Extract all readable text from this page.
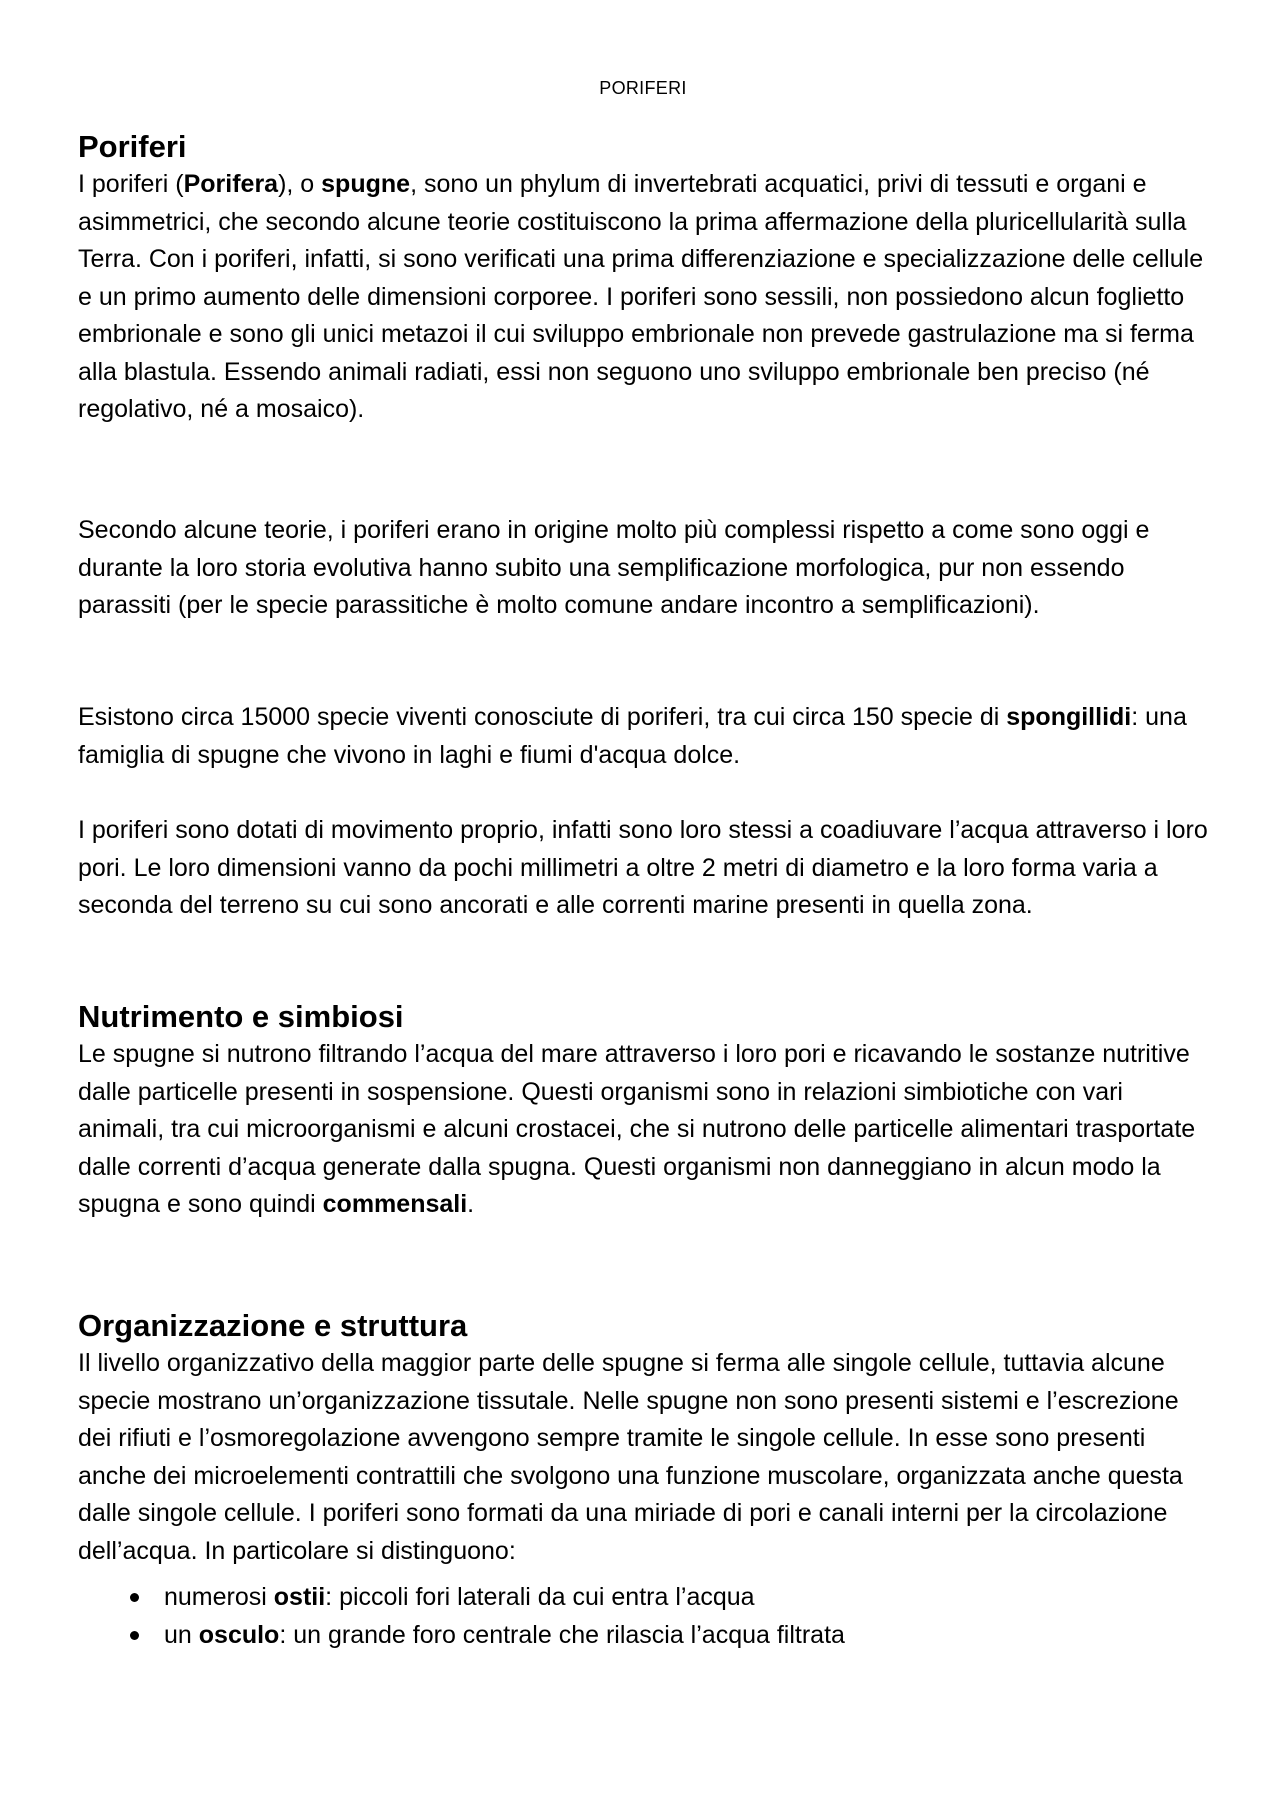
PORIFERI
Poriferi

I poriferi (Porifera), o spugne, sono un phylum di invertebrati acquatici, privi di tessuti e organi e asimmetrici, che secondo alcune teorie costituiscono la prima affermazione della pluricellularità sulla Terra. Con i poriferi, infatti, si sono verificati una prima differenziazione e specializzazione delle cellule e un primo aumento delle dimensioni corporee. I poriferi sono sessili, non possiedono alcun foglietto embrionale e sono gli unici metazoi il cui sviluppo embrionale non prevede gastrulazione ma si ferma alla blastula. Essendo animali radiati, essi non seguono uno sviluppo embrionale ben preciso (né regolativo, né a mosaico).

Secondo alcune teorie, i poriferi erano in origine molto più complessi rispetto a come sono oggi e durante la loro storia evolutiva hanno subito una semplificazione morfologica, pur non essendo parassiti (per le specie parassitiche è molto comune andare incontro a semplificazioni).

Esistono circa 15000 specie viventi conosciute di poriferi, tra cui circa 150 specie di spongillidi: una famiglia di spugne che vivono in laghi e fiumi d'acqua dolce.

I poriferi sono dotati di movimento proprio, infatti sono loro stessi a coadiuvare l’acqua attraverso i loro pori. Le loro dimensioni vanno da pochi millimetri a oltre 2 metri di diametro e la loro forma varia a seconda del terreno su cui sono ancorati e alle correnti marine presenti in quella zona.

Nutrimento e simbiosi

Le spugne si nutrono filtrando l’acqua del mare attraverso i loro pori e ricavando le sostanze nutritive dalle particelle presenti in sospensione. Questi organismi sono in relazioni simbiotiche con vari animali, tra cui microorganismi e alcuni crostacei, che si nutrono delle particelle alimentari trasportate dalle correnti d’acqua generate dalla spugna. Questi organismi non danneggiano in alcun modo la spugna e sono quindi commensali.

Organizzazione e struttura

Il livello organizzativo della maggior parte delle spugne si ferma alle singole cellule, tuttavia alcune specie mostrano un’organizzazione tissutale. Nelle spugne non sono presenti sistemi e l’escrezione dei rifiuti e l’osmoregolazione avvengono sempre tramite le singole cellule. In esse sono presenti anche dei microelementi contrattili che svolgono una funzione muscolare, organizzata anche questa dalle singole cellule. I poriferi sono formati da una miriade di pori e canali interni per la circolazione dell’acqua. In particolare si distinguono:

numerosi ostii: piccoli fori laterali da cui entra l’acqua
un osculo: un grande foro centrale che rilascia l’acqua filtrata
